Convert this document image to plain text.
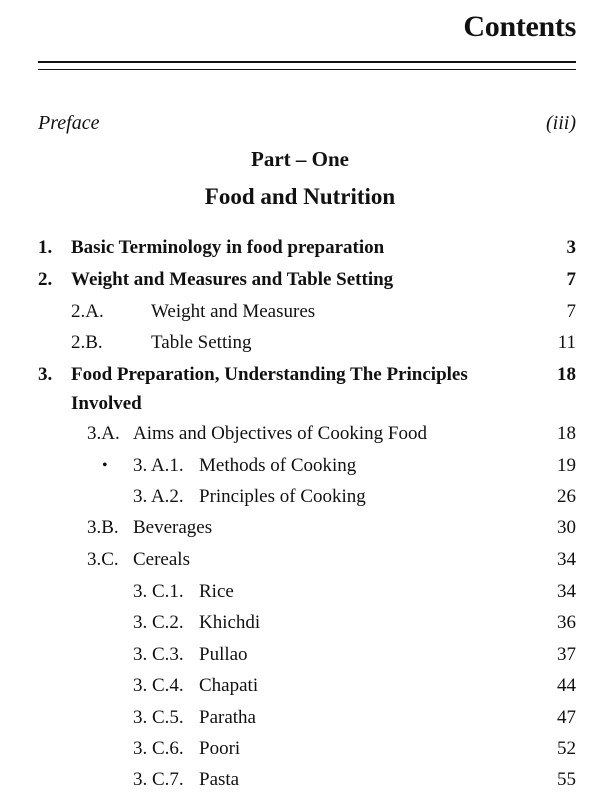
Contents
Preface	(iii)
Part – One
Food and Nutrition
1. Basic Terminology in food preparation	3
2. Weight and Measures and Table Setting	7
2.A. Weight and Measures	7
2.B.	Table Setting	11
3. Food Preparation, Understanding The Principles	18
Involved
3.A. Aims and Objectives of Cooking Food	18
• 3. A.1. Methods of Cooking	19
3. A.2. Principles of Cooking	26
3.B. Beverages	30
3.C. Cereals	34
3. C.1. Rice	34
3. C.2. Khichdi	36
3. C.3. Pullao	37
3. C.4. Chapati	44
3. C.5. Paratha	47
3. C.6. Poori	52
3. C.7. Pasta	55
